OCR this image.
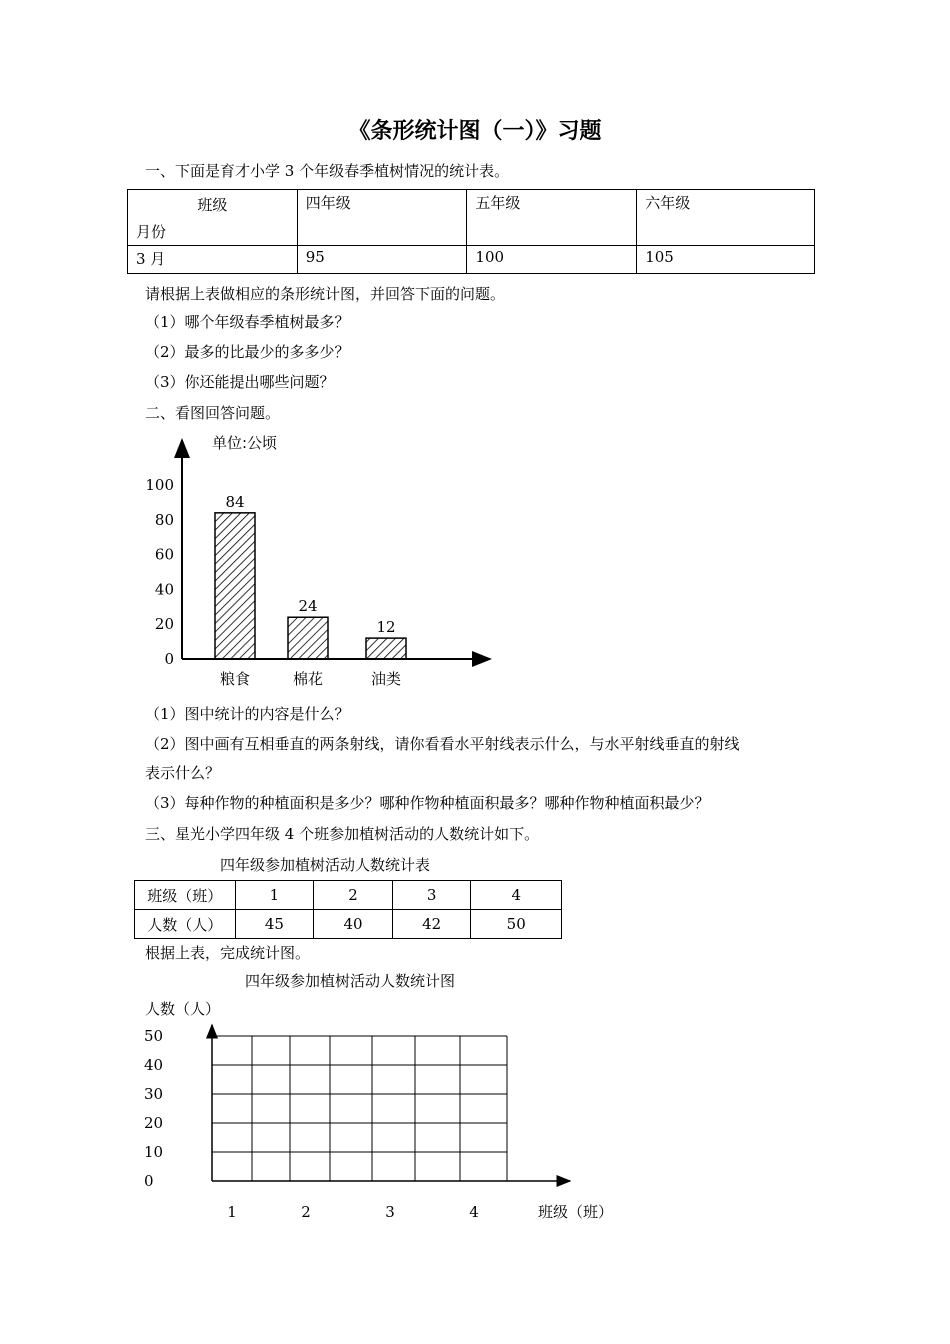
《条形统计图（一）》习题
一、下面是育才小学 3 个年级春季植树情况的统计表。
班级
月份	四年级	五年级	六年级
3 月	95	100	105
请根据上表做相应的条形统计图，并回答下面的问题。
（1）哪个年级春季植树最多？
（2）最多的比最少的多多少？
（3）你还能提出哪些问题？
二、看图回答问题。
单位:公顷
0
20
40
60
80
100
84
粮食
24
棉花
12
油类
（1）图中统计的内容是什么？
（2）图中画有互相垂直的两条射线，请你看看水平射线表示什么，与水平射线垂直的射线
表示什么？
（3）每种作物的种植面积是多少？哪种作物种植面积最多？哪种作物种植面积最少？
三、星光小学四年级 4 个班参加植树活动的人数统计如下。
四年级参加植树活动人数统计表
班级（班）	1	2	3	4
人数（人）	45	40	42	50
根据上表，完成统计图。
四年级参加植树活动人数统计图
人数（人）
班级（班）
0
10
20
30
40
50
1	2	3	4
